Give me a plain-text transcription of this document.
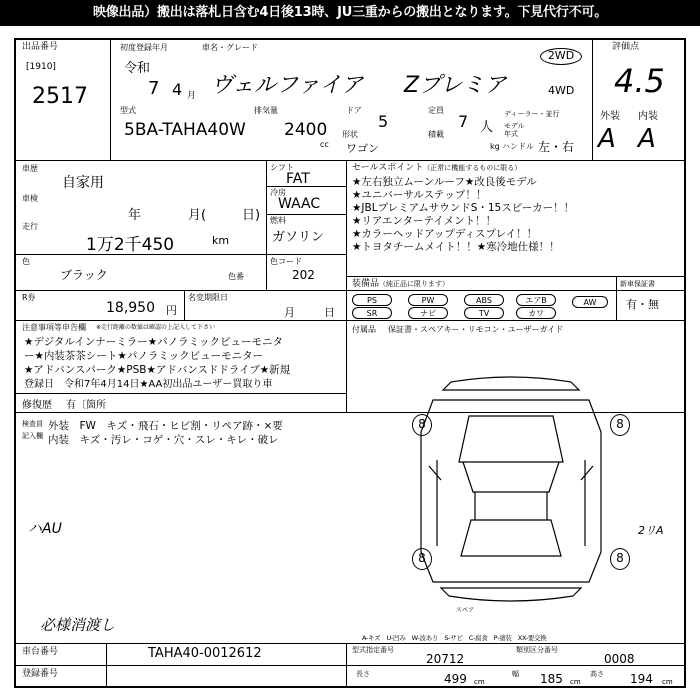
映像出品）搬出は落札日含む4日後13時、JU三重からの搬出となります。下見代行不可。
出品番号
[1910]
2517
初度登録年月	車名・グレード
令和
7 4 月 ヴェルファイア Zプレミア
2WD
4WD
型式
5BA-TAHA40W
排気量
2400
cc
ドア
5
形状
ワゴン
定員
7 人
積載
kg
ディーラー・並行
モデル
年式
ハンドル 左・右
評価点
4.5
外装 内装
A A
車歴
自家用
車検
年	月(	日)
走行
1万2千450	km
シフト
FAT
冷房
WAAC
燃料
ガソリン
セールスポイント（正常に機能するものに限る）
★左右独立ムーンルーフ★改良後モデル
★ユニバーサルステップ！！
★JBLプレミアムサウンドS・15スピーカー！！
★リアエンターテイメント！！
★カラーヘッドアップディスプレイ！！
★トヨタチームメイト！！★寒冷地仕様！！
色
ブラック	色番
色コード
202
R券
18,950 円
名変期限日
月	日
装備品（純正品に限ります）
PS	PW	ABS	エアB	AW
SR	ナビ	TV	カワ
新車保証書
有・無
付属品 保証書・スペアキー・リモコン・ユーザーガイド
注意事項等申告欄 ※走行距離の数値は確認の上記入して下さい
★デジタルインナーミラー★パノラミックビューモニタ
ー★内装茶茶シート★パノラミックビューモニター
★アドバンスパーク★PSB★アドバンスドドライブ★新規
登録日　令和7年4月14日★AA初出品ユーザー買取り車
修復歴 有〔箇所
検査員
記入欄
外装　FW　キズ・飛石・ヒビ割・リペア跡・×要
内装　キズ・汚レ・コゲ・穴・スレ・キレ・破レ
ハAU
必様消渡し
2リA
8	8
8	8
スペア
A-キズ　U-凹み　W-波あり　S-サビ　C-腐食　P-塗装　XX-要交換
車台番号	TAHA40-0012612
登録番号
型式指定番号
20712
類別区分番号
0008
長さ	499 cm
幅 185 cm
高さ 194 cm
